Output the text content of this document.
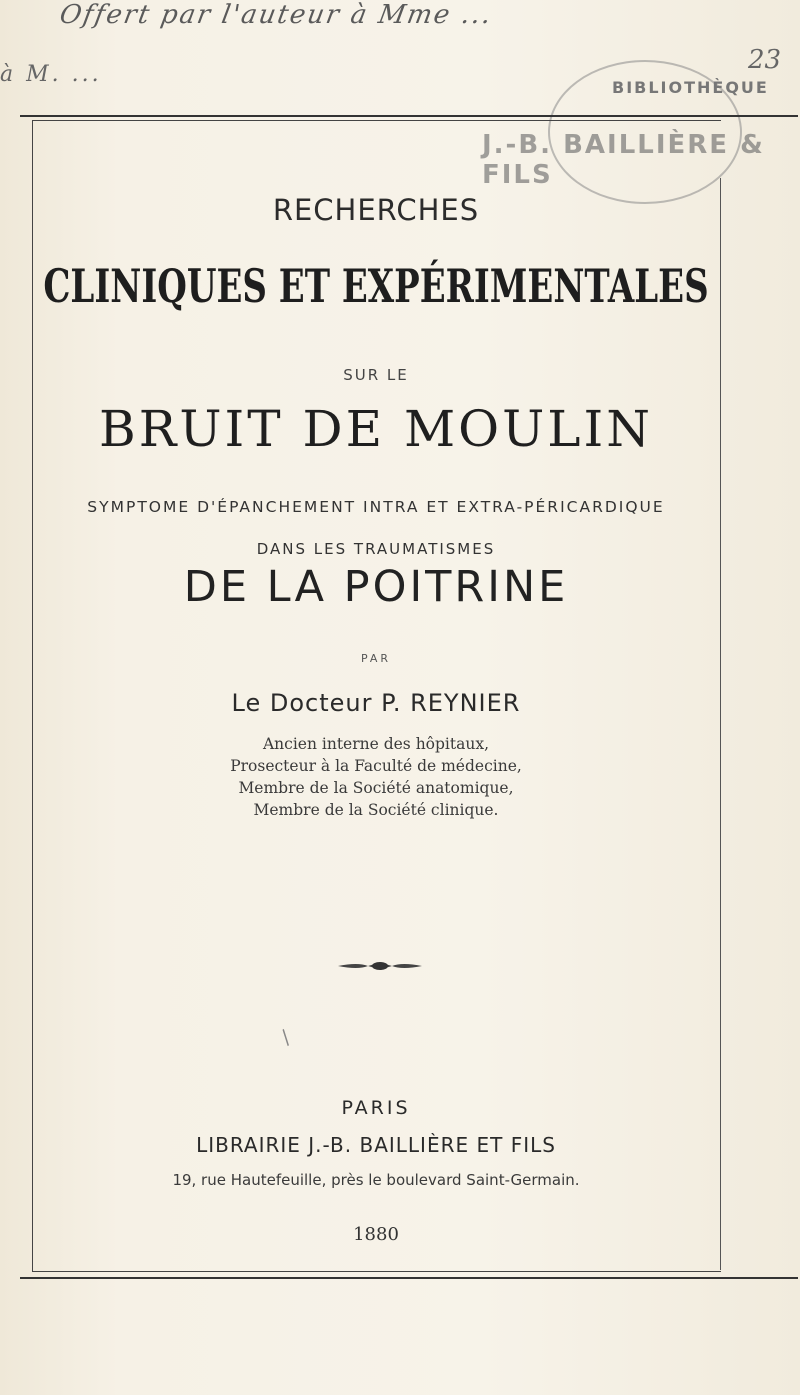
Offert par l'auteur à Mme ...
à M. ...	23
BIBLIOTHÈQUE
J.-B. BAILLIÈRE & FILS
RECHERCHES
CLINIQUES ET EXPÉRIMENTALES
SUR LE
BRUIT DE MOULIN
SYMPTOME D'ÉPANCHEMENT INTRA ET EXTRA-PÉRICARDIQUE
DANS LES TRAUMATISMES
DE LA POITRINE
PAR
Le Docteur P. REYNIER
Ancien interne des hôpitaux,
Prosecteur à la Faculté de médecine,
Membre de la Société anatomique,
Membre de la Société clinique.
/
PARIS
LIBRAIRIE J.-B. BAILLIÈRE ET FILS
19, rue Hautefeuille, près le boulevard Saint-Germain.
1880
